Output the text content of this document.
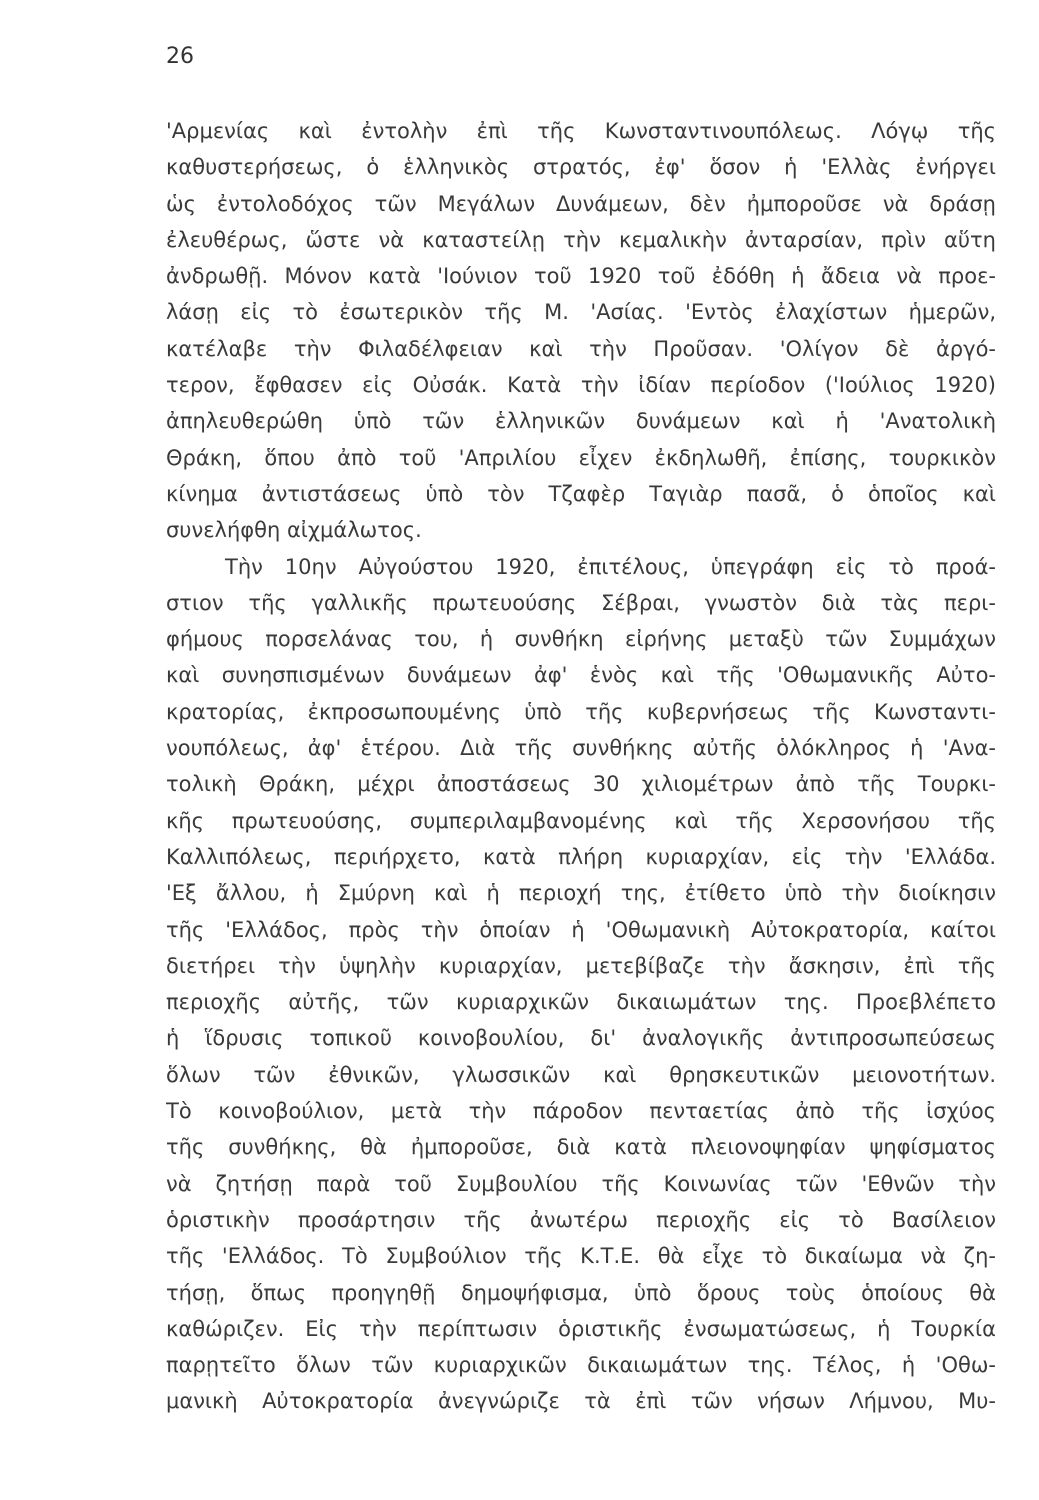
26
'Αρμενίας καὶ ἐντολὴν ἐπὶ τῆς Κωνσταντινουπόλεως. Λόγῳ τῆς
καθυστερήσεως, ὁ ἑλληνικὸς στρατός, ἐφ' ὅσον ἡ 'Ελλὰς ἐνήργει
ὡς ἐντολοδόχος τῶν Μεγάλων Δυνάμεων, δὲν ἠμποροῦσε νὰ δράσῃ
ἐλευθέρως, ὥστε νὰ καταστείλῃ τὴν κεμαλικὴν ἀνταρσίαν, πρὶν αὕτη
ἀνδρωθῇ. Μόνον κατὰ 'Ιούνιον τοῦ 1920 τοῦ ἐδόθη ἡ ἄδεια νὰ προε-
λάσῃ εἰς τὸ ἐσωτερικὸν τῆς Μ. 'Ασίας. 'Εντὸς ἐλαχίστων ἡμερῶν,
κατέλαβε τὴν Φιλαδέλφειαν καὶ τὴν Προῦσαν. 'Ολίγον δὲ ἀργό-
τερον, ἔφθασεν εἰς Οὐσάκ. Κατὰ τὴν ἰδίαν περίοδον ('Ιούλιος 1920)
ἀπηλευθερώθη ὑπὸ τῶν ἑλληνικῶν δυνάμεων καὶ ἡ 'Ανατολικὴ
Θράκη, ὅπου ἀπὸ τοῦ 'Απριλίου εἶχεν ἐκδηλωθῆ, ἐπίσης, τουρκικὸν
κίνημα ἀντιστάσεως ὑπὸ τὸν Τζαφὲρ Ταγιὰρ πασᾶ, ὁ ὁποῖος καὶ
συνελήφθη αἰχμάλωτος.
Τὴν 10ην Αὐγούστου 1920, ἐπιτέλους, ὑπεγράφη εἰς τὸ προά-
στιον τῆς γαλλικῆς πρωτευούσης Σέβραι, γνωστὸν διὰ τὰς περι-
φήμους πορσελάνας του, ἡ συνθήκη εἰρήνης μεταξὺ τῶν Συμμάχων
καὶ συνησπισμένων δυνάμεων ἀφ' ἑνὸς καὶ τῆς 'Οθωμανικῆς Αὐτο-
κρατορίας, ἐκπροσωπουμένης ὑπὸ τῆς κυβερνήσεως τῆς Κωνσταντι-
νουπόλεως, ἀφ' ἑτέρου. Διὰ τῆς συνθήκης αὐτῆς ὁλόκληρος ἡ 'Ανα-
τολικὴ Θράκη, μέχρι ἀποστάσεως 30 χιλιομέτρων ἀπὸ τῆς Τουρκι-
κῆς πρωτευούσης, συμπεριλαμβανομένης καὶ τῆς Χερσονήσου τῆς
Καλλιπόλεως, περιήρχετο, κατὰ πλήρη κυριαρχίαν, εἰς τὴν 'Ελλάδα.
'Εξ ἄλλου, ἡ Σμύρνη καὶ ἡ περιοχή της, ἐτίθετο ὑπὸ τὴν διοίκησιν
τῆς 'Ελλάδος, πρὸς τὴν ὁποίαν ἡ 'Οθωμανικὴ Αὐτοκρατορία, καίτοι
διετήρει τὴν ὑψηλὴν κυριαρχίαν, μετεβίβαζε τὴν ἄσκησιν, ἐπὶ τῆς
περιοχῆς αὐτῆς, τῶν κυριαρχικῶν δικαιωμάτων της. Προεβλέπετο
ἡ ἵδρυσις τοπικοῦ κοινοβουλίου, δι' ἀναλογικῆς ἀντιπροσωπεύσεως
ὅλων τῶν ἐθνικῶν, γλωσσικῶν καὶ θρησκευτικῶν μειονοτήτων.
Τὸ κοινοβούλιον, μετὰ τὴν πάροδον πενταετίας ἀπὸ τῆς ἰσχύος
τῆς συνθήκης, θὰ ἠμποροῦσε, διὰ κατὰ πλειονοψηφίαν ψηφίσματος
νὰ ζητήσῃ παρὰ τοῦ Συμβουλίου τῆς Κοινωνίας τῶν 'Εθνῶν τὴν
ὁριστικὴν προσάρτησιν τῆς ἀνωτέρω περιοχῆς εἰς τὸ Βασίλειον
τῆς 'Ελλάδος. Τὸ Συμβούλιον τῆς Κ.Τ.Ε. θὰ εἶχε τὸ δικαίωμα νὰ ζη-
τήσῃ, ὅπως προηγηθῇ δημοψήφισμα, ὑπὸ ὅρους τοὺς ὁποίους θὰ
καθώριζεν. Εἰς τὴν περίπτωσιν ὁριστικῆς ἐνσωματώσεως, ἡ Τουρκία
παρῃτεῖτο ὅλων τῶν κυριαρχικῶν δικαιωμάτων της. Τέλος, ἡ 'Οθω-
μανικὴ Αὐτοκρατορία ἀνεγνώριζε τὰ ἐπὶ τῶν νήσων Λήμνου, Μυ-
